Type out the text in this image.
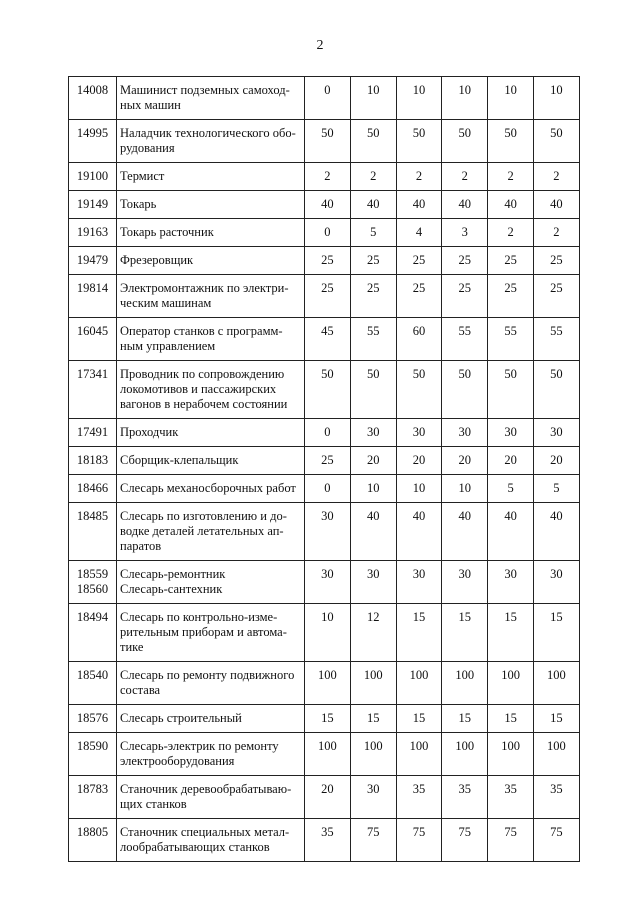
2
14008	Машинист подземных самоход-
ных машин	0	10	10	10	10	10

14995	Наладчик технологического обо-
рудования	50	50	50	50	50	50

19100	Термист	2	2	2	2	2	2

19149	Токарь	40	40	40	40	40	40

19163	Токарь расточник	0	5	4	3	2	2

19479	Фрезеровщик	25	25	25	25	25	25

19814	Электромонтажник по электри-
ческим машинам	25	25	25	25	25	25

16045	Оператор станков с программ-
ным управлением	45	55	60	55	55	55

17341	Проводник по сопровождению
локомотивов и пассажирских
вагонов в нерабочем состоянии	50	50	50	50	50	50

17491	Проходчик	0	30	30	30	30	30

18183	Сборщик-клепальщик	25	20	20	20	20	20

18466	Слесарь механосборочных работ	0	10	10	10	5	5

18485	Слесарь по изготовлению и до-
водке деталей летательных ап-
паратов	30	40	40	40	40	40

18559
18560	Слесарь-ремонтник
Слесарь-сантехник	30	30	30	30	30	30

18494	Слесарь по контрольно-изме-
рительным приборам и автома-
тике	10	12	15	15	15	15

18540	Слесарь по ремонту подвижного
состава	100	100	100	100	100	100

18576	Слесарь строительный	15	15	15	15	15	15

18590	Слесарь-электрик по ремонту
электрооборудования	100	100	100	100	100	100

18783	Станочник деревообрабатываю-
щих станков	20	30	35	35	35	35

18805	Станочник специальных метал-
лообрабатывающих станков	35	75	75	75	75	75
